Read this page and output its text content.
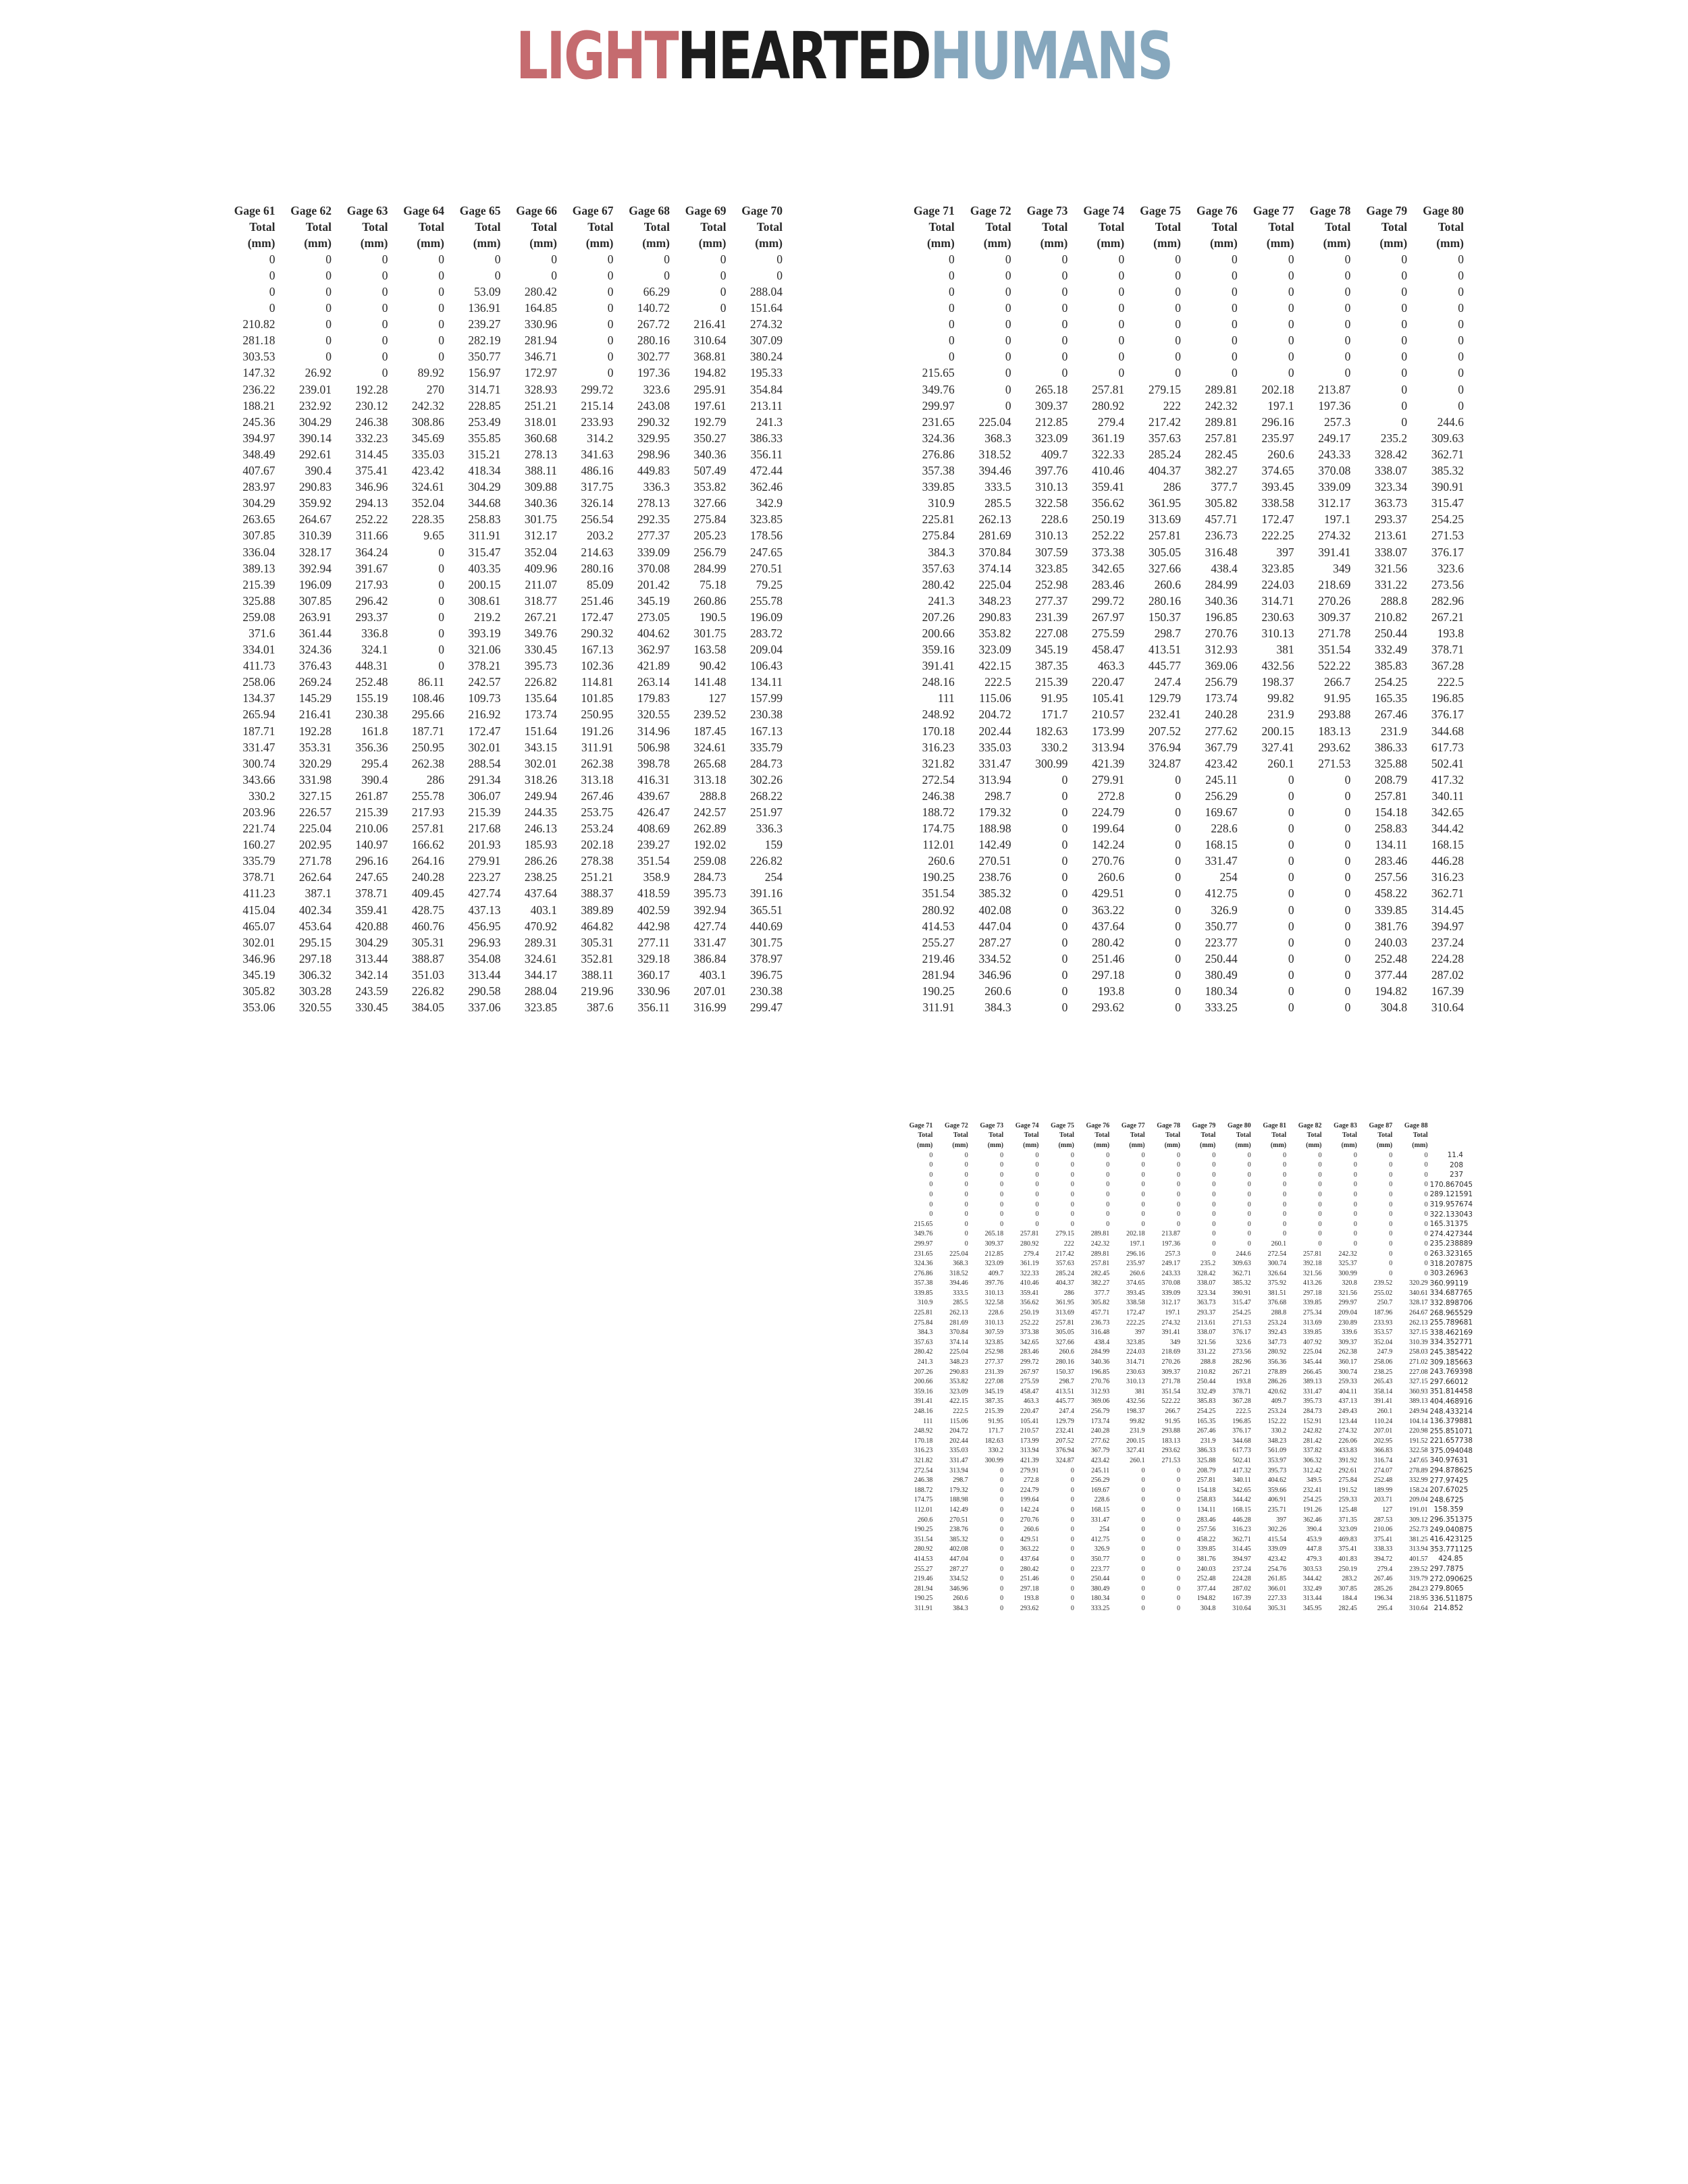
LIGHTHEARTEDHUMANS
Gage 61	Gage 62	Gage 63	Gage 64	Gage 65	Gage 66	Gage 67	Gage 68	Gage 69	Gage 70
Total	Total	Total	Total	Total	Total	Total	Total	Total	Total
(mm)	(mm)	(mm)	(mm)	(mm)	(mm)	(mm)	(mm)	(mm)	(mm)
0	0	0	0	0	0	0	0	0	0
0	0	0	0	0	0	0	0	0	0
0	0	0	0	53.09	280.42	0	66.29	0	288.04
0	0	0	0	136.91	164.85	0	140.72	0	151.64
210.82	0	0	0	239.27	330.96	0	267.72	216.41	274.32
281.18	0	0	0	282.19	281.94	0	280.16	310.64	307.09
303.53	0	0	0	350.77	346.71	0	302.77	368.81	380.24
147.32	26.92	0	89.92	156.97	172.97	0	197.36	194.82	195.33
236.22	239.01	192.28	270	314.71	328.93	299.72	323.6	295.91	354.84
188.21	232.92	230.12	242.32	228.85	251.21	215.14	243.08	197.61	213.11
245.36	304.29	246.38	308.86	253.49	318.01	233.93	290.32	192.79	241.3
394.97	390.14	332.23	345.69	355.85	360.68	314.2	329.95	350.27	386.33
348.49	292.61	314.45	335.03	315.21	278.13	341.63	298.96	340.36	356.11
407.67	390.4	375.41	423.42	418.34	388.11	486.16	449.83	507.49	472.44
283.97	290.83	346.96	324.61	304.29	309.88	317.75	336.3	353.82	362.46
304.29	359.92	294.13	352.04	344.68	340.36	326.14	278.13	327.66	342.9
263.65	264.67	252.22	228.35	258.83	301.75	256.54	292.35	275.84	323.85
307.85	310.39	311.66	9.65	311.91	312.17	203.2	277.37	205.23	178.56
336.04	328.17	364.24	0	315.47	352.04	214.63	339.09	256.79	247.65
389.13	392.94	391.67	0	403.35	409.96	280.16	370.08	284.99	270.51
215.39	196.09	217.93	0	200.15	211.07	85.09	201.42	75.18	79.25
325.88	307.85	296.42	0	308.61	318.77	251.46	345.19	260.86	255.78
259.08	263.91	293.37	0	219.2	267.21	172.47	273.05	190.5	196.09
371.6	361.44	336.8	0	393.19	349.76	290.32	404.62	301.75	283.72
334.01	324.36	324.1	0	321.06	330.45	167.13	362.97	163.58	209.04
411.73	376.43	448.31	0	378.21	395.73	102.36	421.89	90.42	106.43
258.06	269.24	252.48	86.11	242.57	226.82	114.81	263.14	141.48	134.11
134.37	145.29	155.19	108.46	109.73	135.64	101.85	179.83	127	157.99
265.94	216.41	230.38	295.66	216.92	173.74	250.95	320.55	239.52	230.38
187.71	192.28	161.8	187.71	172.47	151.64	191.26	314.96	187.45	167.13
331.47	353.31	356.36	250.95	302.01	343.15	311.91	506.98	324.61	335.79
300.74	320.29	295.4	262.38	288.54	302.01	262.38	398.78	265.68	284.73
343.66	331.98	390.4	286	291.34	318.26	313.18	416.31	313.18	302.26
330.2	327.15	261.87	255.78	306.07	249.94	267.46	439.67	288.8	268.22
203.96	226.57	215.39	217.93	215.39	244.35	253.75	426.47	242.57	251.97
221.74	225.04	210.06	257.81	217.68	246.13	253.24	408.69	262.89	336.3
160.27	202.95	140.97	166.62	201.93	185.93	202.18	239.27	192.02	159
335.79	271.78	296.16	264.16	279.91	286.26	278.38	351.54	259.08	226.82
378.71	262.64	247.65	240.28	223.27	238.25	251.21	358.9	284.73	254
411.23	387.1	378.71	409.45	427.74	437.64	388.37	418.59	395.73	391.16
415.04	402.34	359.41	428.75	437.13	403.1	389.89	402.59	392.94	365.51
465.07	453.64	420.88	460.76	456.95	470.92	464.82	442.98	427.74	440.69
302.01	295.15	304.29	305.31	296.93	289.31	305.31	277.11	331.47	301.75
346.96	297.18	313.44	388.87	354.08	324.61	352.81	329.18	386.84	378.97
345.19	306.32	342.14	351.03	313.44	344.17	388.11	360.17	403.1	396.75
305.82	303.28	243.59	226.82	290.58	288.04	219.96	330.96	207.01	230.38
353.06	320.55	330.45	384.05	337.06	323.85	387.6	356.11	316.99	299.47
Gage 71	Gage 72	Gage 73	Gage 74	Gage 75	Gage 76	Gage 77	Gage 78	Gage 79	Gage 80
Total	Total	Total	Total	Total	Total	Total	Total	Total	Total
(mm)	(mm)	(mm)	(mm)	(mm)	(mm)	(mm)	(mm)	(mm)	(mm)
0	0	0	0	0	0	0	0	0	0
0	0	0	0	0	0	0	0	0	0
0	0	0	0	0	0	0	0	0	0
0	0	0	0	0	0	0	0	0	0
0	0	0	0	0	0	0	0	0	0
0	0	0	0	0	0	0	0	0	0
0	0	0	0	0	0	0	0	0	0
215.65	0	0	0	0	0	0	0	0	0
349.76	0	265.18	257.81	279.15	289.81	202.18	213.87	0	0
299.97	0	309.37	280.92	222	242.32	197.1	197.36	0	0
231.65	225.04	212.85	279.4	217.42	289.81	296.16	257.3	0	244.6
324.36	368.3	323.09	361.19	357.63	257.81	235.97	249.17	235.2	309.63
276.86	318.52	409.7	322.33	285.24	282.45	260.6	243.33	328.42	362.71
357.38	394.46	397.76	410.46	404.37	382.27	374.65	370.08	338.07	385.32
339.85	333.5	310.13	359.41	286	377.7	393.45	339.09	323.34	390.91
310.9	285.5	322.58	356.62	361.95	305.82	338.58	312.17	363.73	315.47
225.81	262.13	228.6	250.19	313.69	457.71	172.47	197.1	293.37	254.25
275.84	281.69	310.13	252.22	257.81	236.73	222.25	274.32	213.61	271.53
384.3	370.84	307.59	373.38	305.05	316.48	397	391.41	338.07	376.17
357.63	374.14	323.85	342.65	327.66	438.4	323.85	349	321.56	323.6
280.42	225.04	252.98	283.46	260.6	284.99	224.03	218.69	331.22	273.56
241.3	348.23	277.37	299.72	280.16	340.36	314.71	270.26	288.8	282.96
207.26	290.83	231.39	267.97	150.37	196.85	230.63	309.37	210.82	267.21
200.66	353.82	227.08	275.59	298.7	270.76	310.13	271.78	250.44	193.8
359.16	323.09	345.19	458.47	413.51	312.93	381	351.54	332.49	378.71
391.41	422.15	387.35	463.3	445.77	369.06	432.56	522.22	385.83	367.28
248.16	222.5	215.39	220.47	247.4	256.79	198.37	266.7	254.25	222.5
111	115.06	91.95	105.41	129.79	173.74	99.82	91.95	165.35	196.85
248.92	204.72	171.7	210.57	232.41	240.28	231.9	293.88	267.46	376.17
170.18	202.44	182.63	173.99	207.52	277.62	200.15	183.13	231.9	344.68
316.23	335.03	330.2	313.94	376.94	367.79	327.41	293.62	386.33	617.73
321.82	331.47	300.99	421.39	324.87	423.42	260.1	271.53	325.88	502.41
272.54	313.94	0	279.91	0	245.11	0	0	208.79	417.32
246.38	298.7	0	272.8	0	256.29	0	0	257.81	340.11
188.72	179.32	0	224.79	0	169.67	0	0	154.18	342.65
174.75	188.98	0	199.64	0	228.6	0	0	258.83	344.42
112.01	142.49	0	142.24	0	168.15	0	0	134.11	168.15
260.6	270.51	0	270.76	0	331.47	0	0	283.46	446.28
190.25	238.76	0	260.6	0	254	0	0	257.56	316.23
351.54	385.32	0	429.51	0	412.75	0	0	458.22	362.71
280.92	402.08	0	363.22	0	326.9	0	0	339.85	314.45
414.53	447.04	0	437.64	0	350.77	0	0	381.76	394.97
255.27	287.27	0	280.42	0	223.77	0	0	240.03	237.24
219.46	334.52	0	251.46	0	250.44	0	0	252.48	224.28
281.94	346.96	0	297.18	0	380.49	0	0	377.44	287.02
190.25	260.6	0	193.8	0	180.34	0	0	194.82	167.39
311.91	384.3	0	293.62	0	333.25	0	0	304.8	310.64
Gage 71	Gage 72	Gage 73	Gage 74	Gage 75	Gage 76	Gage 77	Gage 78	Gage 79	Gage 80	Gage 81	Gage 82	Gage 83	Gage 87	Gage 88	
Total	Total	Total	Total	Total	Total	Total	Total	Total	Total	Total	Total	Total	Total	Total	
(mm)	(mm)	(mm)	(mm)	(mm)	(mm)	(mm)	(mm)	(mm)	(mm)	(mm)	(mm)	(mm)	(mm)	(mm)	
0	0	0	0	0	0	0	0	0	0	0	0	0	0	0	11.4
0	0	0	0	0	0	0	0	0	0	0	0	0	0	0	208
0	0	0	0	0	0	0	0	0	0	0	0	0	0	0	237
0	0	0	0	0	0	0	0	0	0	0	0	0	0	0	170.867045
0	0	0	0	0	0	0	0	0	0	0	0	0	0	0	289.121591
0	0	0	0	0	0	0	0	0	0	0	0	0	0	0	319.957674
0	0	0	0	0	0	0	0	0	0	0	0	0	0	0	322.133043
215.65	0	0	0	0	0	0	0	0	0	0	0	0	0	0	165.31375
349.76	0	265.18	257.81	279.15	289.81	202.18	213.87	0	0	0	0	0	0	0	274.427344
299.97	0	309.37	280.92	222	242.32	197.1	197.36	0	0	260.1	0	0	0	0	235.238889
231.65	225.04	212.85	279.4	217.42	289.81	296.16	257.3	0	244.6	272.54	257.81	242.32	0	0	263.323165
324.36	368.3	323.09	361.19	357.63	257.81	235.97	249.17	235.2	309.63	300.74	392.18	325.37	0	0	318.207875
276.86	318.52	409.7	322.33	285.24	282.45	260.6	243.33	328.42	362.71	326.64	321.56	300.99	0	0	303.26963
357.38	394.46	397.76	410.46	404.37	382.27	374.65	370.08	338.07	385.32	375.92	413.26	320.8	239.52	320.29	360.99119
339.85	333.5	310.13	359.41	286	377.7	393.45	339.09	323.34	390.91	381.51	297.18	321.56	255.02	340.61	334.687765
310.9	285.5	322.58	356.62	361.95	305.82	338.58	312.17	363.73	315.47	376.68	339.85	299.97	250.7	328.17	332.898706
225.81	262.13	228.6	250.19	313.69	457.71	172.47	197.1	293.37	254.25	288.8	275.34	209.04	187.96	264.67	268.965529
275.84	281.69	310.13	252.22	257.81	236.73	222.25	274.32	213.61	271.53	253.24	313.69	230.89	233.93	262.13	255.789681
384.3	370.84	307.59	373.38	305.05	316.48	397	391.41	338.07	376.17	392.43	339.85	339.6	353.57	327.15	338.462169
357.63	374.14	323.85	342.65	327.66	438.4	323.85	349	321.56	323.6	347.73	407.92	309.37	352.04	310.39	334.352771
280.42	225.04	252.98	283.46	260.6	284.99	224.03	218.69	331.22	273.56	280.92	225.04	262.38	247.9	258.03	245.385422
241.3	348.23	277.37	299.72	280.16	340.36	314.71	270.26	288.8	282.96	356.36	345.44	360.17	258.06	271.02	309.185663
207.26	290.83	231.39	267.97	150.37	196.85	230.63	309.37	210.82	267.21	278.89	266.45	300.74	238.25	227.08	243.769398
200.66	353.82	227.08	275.59	298.7	270.76	310.13	271.78	250.44	193.8	286.26	389.13	259.33	265.43	327.15	297.66012
359.16	323.09	345.19	458.47	413.51	312.93	381	351.54	332.49	378.71	420.62	331.47	404.11	358.14	360.93	351.814458
391.41	422.15	387.35	463.3	445.77	369.06	432.56	522.22	385.83	367.28	409.7	395.73	437.13	391.41	389.13	404.468916
248.16	222.5	215.39	220.47	247.4	256.79	198.37	266.7	254.25	222.5	253.24	284.73	249.43	260.1	249.94	248.433214
111	115.06	91.95	105.41	129.79	173.74	99.82	91.95	165.35	196.85	152.22	152.91	123.44	110.24	104.14	136.379881
248.92	204.72	171.7	210.57	232.41	240.28	231.9	293.88	267.46	376.17	330.2	242.82	274.32	207.01	220.98	255.851071
170.18	202.44	182.63	173.99	207.52	277.62	200.15	183.13	231.9	344.68	348.23	281.42	226.06	202.95	191.52	221.657738
316.23	335.03	330.2	313.94	376.94	367.79	327.41	293.62	386.33	617.73	561.09	337.82	433.83	366.83	322.58	375.094048
321.82	331.47	300.99	421.39	324.87	423.42	260.1	271.53	325.88	502.41	353.97	306.32	391.92	316.74	247.65	340.97631
272.54	313.94	0	279.91	0	245.11	0	0	208.79	417.32	395.73	312.42	292.61	274.07	278.89	294.878625
246.38	298.7	0	272.8	0	256.29	0	0	257.81	340.11	404.62	349.5	275.84	252.48	332.99	277.97425
188.72	179.32	0	224.79	0	169.67	0	0	154.18	342.65	359.66	232.41	191.52	189.99	158.24	207.67025
174.75	188.98	0	199.64	0	228.6	0	0	258.83	344.42	406.91	254.25	259.33	203.71	209.04	248.6725
112.01	142.49	0	142.24	0	168.15	0	0	134.11	168.15	235.71	191.26	125.48	127	191.01	158.359
260.6	270.51	0	270.76	0	331.47	0	0	283.46	446.28	397	362.46	371.35	287.53	309.12	296.351375
190.25	238.76	0	260.6	0	254	0	0	257.56	316.23	302.26	390.4	323.09	210.06	252.73	249.040875
351.54	385.32	0	429.51	0	412.75	0	0	458.22	362.71	415.54	453.9	469.83	375.41	381.25	416.423125
280.92	402.08	0	363.22	0	326.9	0	0	339.85	314.45	339.09	447.8	375.41	338.33	313.94	353.771125
414.53	447.04	0	437.64	0	350.77	0	0	381.76	394.97	423.42	479.3	401.83	394.72	401.57	424.85
255.27	287.27	0	280.42	0	223.77	0	0	240.03	237.24	254.76	303.53	250.19	279.4	239.52	297.7875
219.46	334.52	0	251.46	0	250.44	0	0	252.48	224.28	261.85	344.42	283.2	267.46	319.79	272.090625
281.94	346.96	0	297.18	0	380.49	0	0	377.44	287.02	366.01	332.49	307.85	285.26	284.23	279.8065
190.25	260.6	0	193.8	0	180.34	0	0	194.82	167.39	227.33	313.44	184.4	196.34	218.95	336.511875
311.91	384.3	0	293.62	0	333.25	0	0	304.8	310.64	305.31	345.95	282.45	295.4	310.64	214.852
